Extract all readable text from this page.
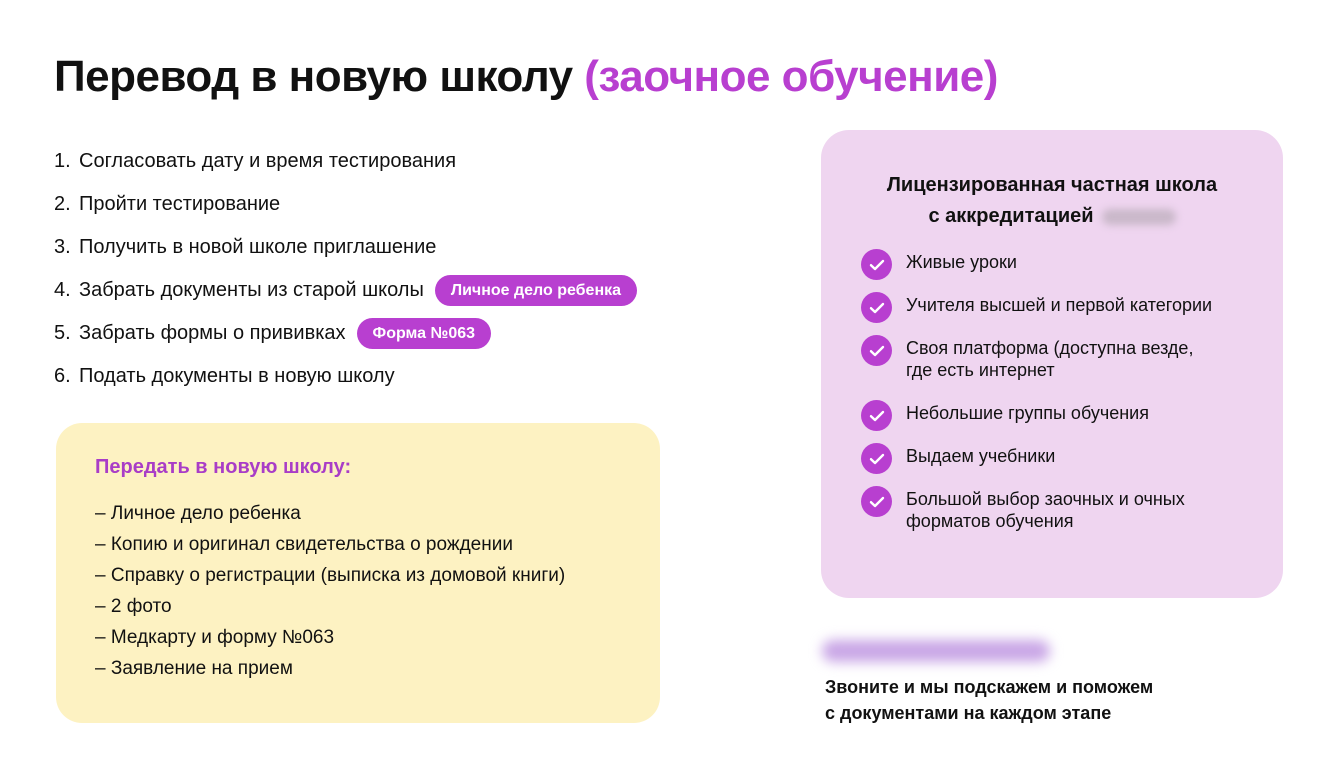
Перевод в новую школу (заочное обучение)
1. Согласовать дату и время тестирования
2. Пройти тестирование
3. Получить в новой школе приглашение
4. Забрать документы из старой школы	Личное дело ребенка
5. Забрать формы о прививках	Форма №063
6. Подать документы в новую школу
Передать в новую школу:
– Личное дело ребенка
– Копию и оригинал свидетельства о рождении
– Справку о регистрации (выписка из домовой книги)
– 2 фото
– Медкарту и форму №063
– Заявление на прием
Лицензированная частная школа
с аккредитацией
Живые уроки
Учителя высшей и первой категории
Своя платформа (доступна везде,
где есть интернет
Небольшие группы обучения
Выдаем учебники
Большой выбор заочных и очных
форматов обучения
Звоните и мы подскажем и поможем
с документами на каждом этапе
